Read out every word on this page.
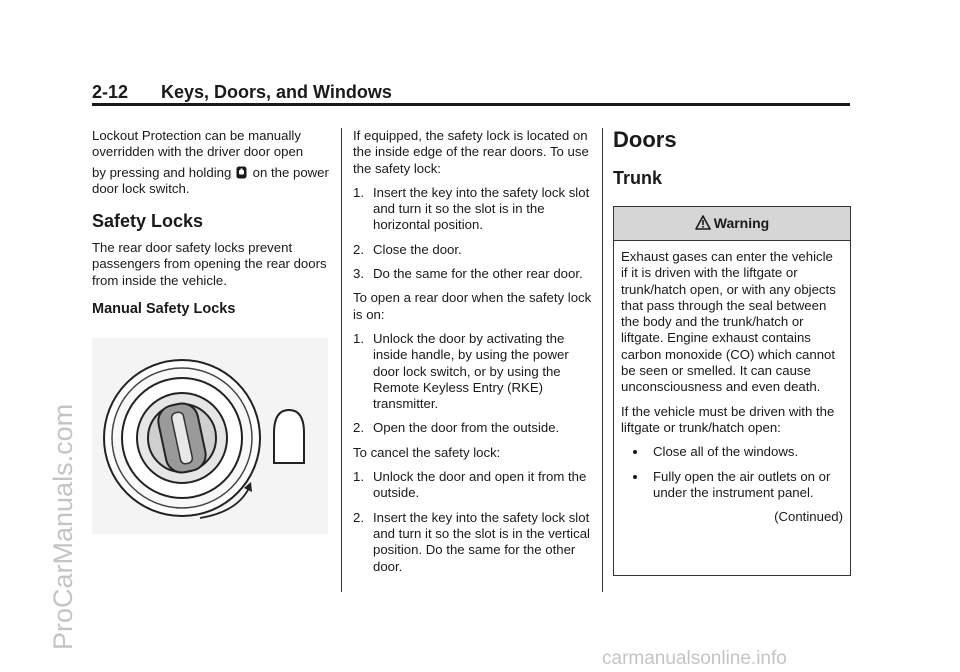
2-12 Keys, Doors, and Windows

Lockout Protection can be manually overridden with the driver door open

by pressing and holding on the power door lock switch.

Safety Locks

The rear door safety locks prevent passengers from opening the rear doors from inside the vehicle.

Manual Safety Locks

If equipped, the safety lock is located on the inside edge of the rear doors. To use the safety lock:

1. Insert the key into the safety lock slot and turn it so the slot is in the horizontal position.
2. Close the door.
3. Do the same for the other rear door.

To open a rear door when the safety lock is on:

1. Unlock the door by activating the inside handle, by using the power door lock switch, or by using the Remote Keyless Entry (RKE) transmitter.
2. Open the door from the outside.

To cancel the safety lock:

1. Unlock the door and open it from the outside.
2. Insert the key into the safety lock slot and turn it so the slot is in the vertical position. Do the same for the other door.
Doors
Trunk
Warning

Exhaust gases can enter the vehicle if it is driven with the liftgate or trunk/hatch open, or with any objects that pass through the seal between the body and the trunk/hatch or liftgate. Engine exhaust contains carbon monoxide (CO) which cannot be seen or smelled. It can cause unconsciousness and even death.

If the vehicle must be driven with the liftgate or trunk/hatch open:

Close all of the windows.
Fully open the air outlets on or under the instrument panel.
(Continued)
ProCarManuals.com
carmanualsonline.info
